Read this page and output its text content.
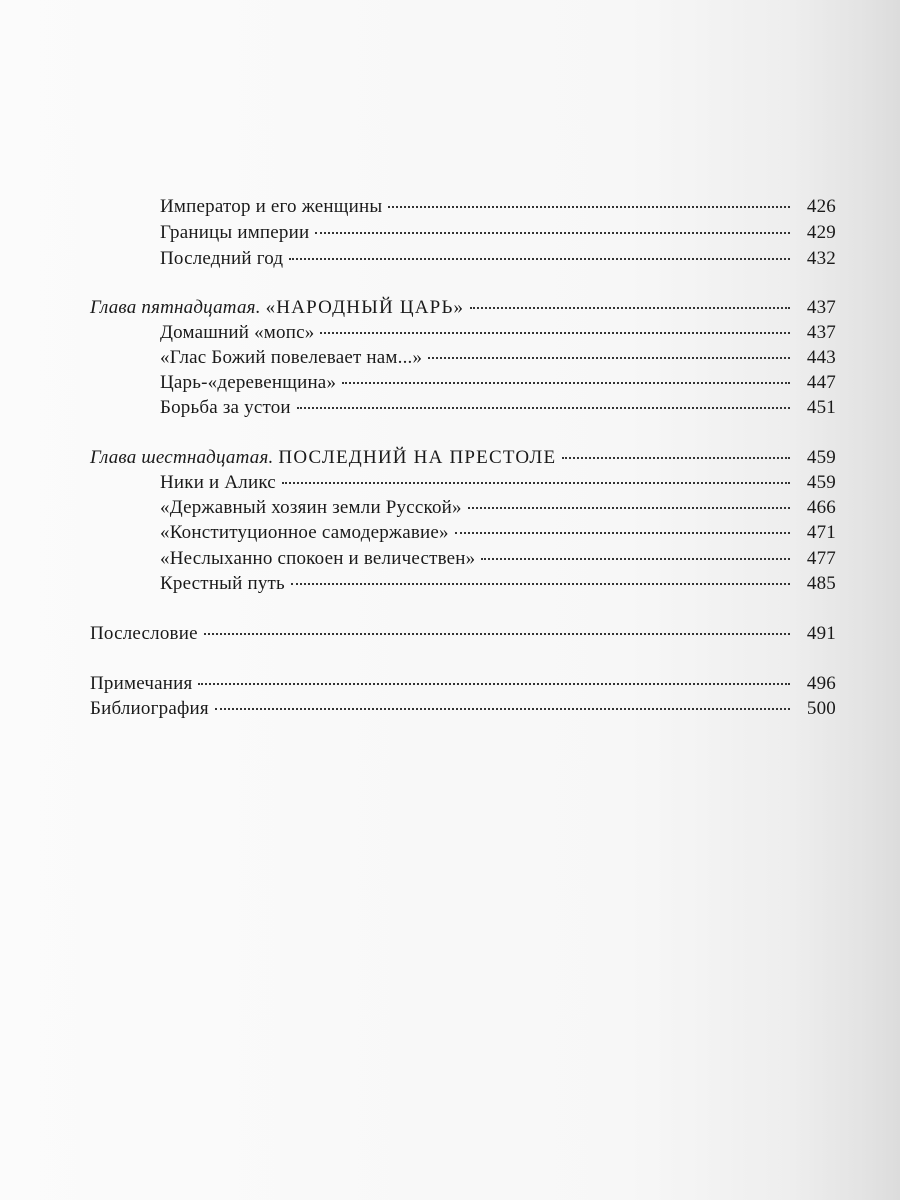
Император и его женщины	426
Границы империи	429
Последний год	432
Глава пятнадцатая. «НАРОДНЫЙ ЦАРЬ»	437
Домашний «мопс»	437
«Глас Божий повелевает нам...»	443
Царь-«деревенщина»	447
Борьба за устои	451
Глава шестнадцатая. ПОСЛЕДНИЙ НА ПРЕСТОЛЕ	459
Ники и Аликс	459
«Державный хозяин земли Русской»	466
«Конституционное самодержавие»	471
«Неслыханно спокоен и величествен»	477
Крестный путь	485
Послесловие	491
Примечания	496
Библиография	500
